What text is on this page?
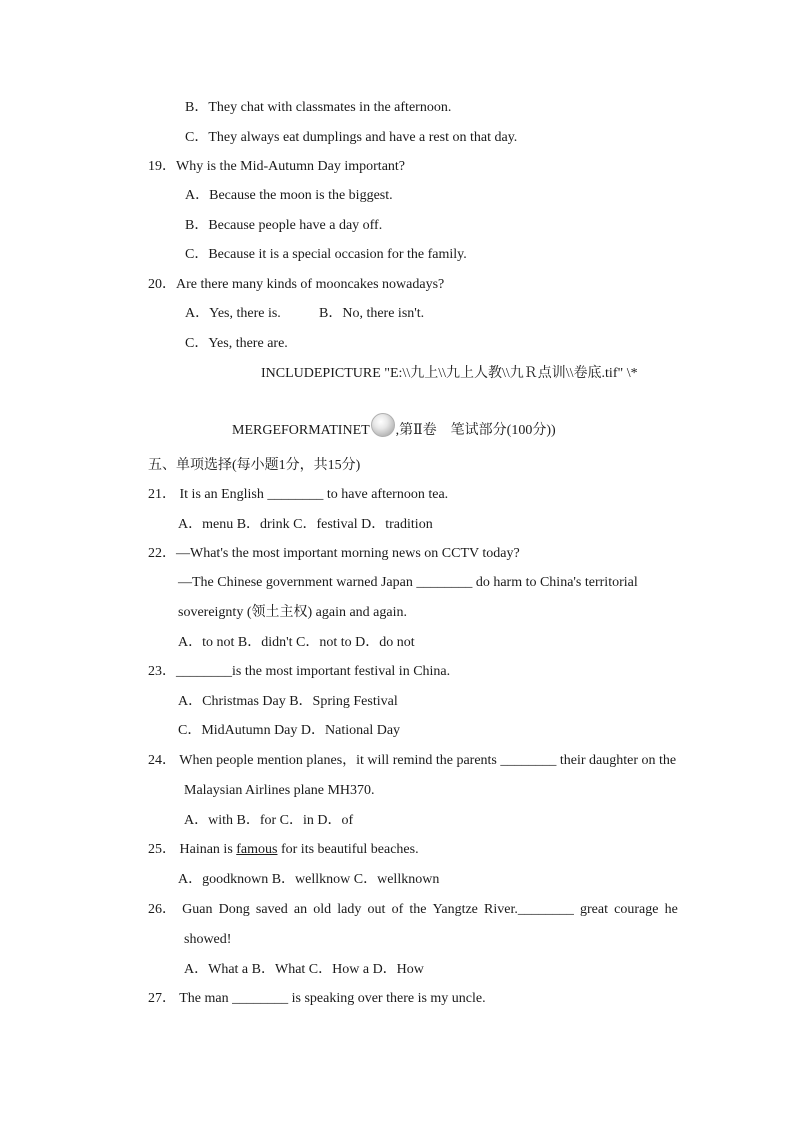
B．They chat with classmates in the afternoon.
C．They always eat dumplings and have a rest on that day.
19．Why is the Mid-Autumn Day important?
A．Because the moon is the biggest.
B．Because people have a day off.
C．Because it is a special occasion for the family.
20．Are there many kinds of mooncakes nowadays?
A．Yes, there is.	B．No, there isn't.
C．Yes, there are.
INCLUDEPICTURE "E:\\九上\\九上人教\\九Ｒ点训\\卷底.tif" \*
MERGEFORMATINET ,第Ⅱ卷　笔试部分(100分))
五、单项选择(每小题1分，共15分)
21． It is an English ________ to have afternoon tea.
A．menu B．drink C．festival D．tradition
22．—What's the most important morning news on CCTV today?
—The Chinese government warned Japan ________ do harm to China's territorial
sovereignty (领土主权) again and again.
A．to not B．didn't C．not to D．do not
23．________is the most important festival in China.
A．Christmas Day B．Spring Festival
C．MidAutumn Day D．National Day
24． When people mention planes，it will remind the parents ________ their daughter on the
Malaysian Airlines plane MH370.
A．with B．for C．in D．of
25． Hainan is famous for its beautiful beaches.
A．goodknown B．wellknow C．wellknown
26． Guan Dong saved an old lady out of the Yangtze River.________ great courage he
showed!
A．What a B．What C．How a D．How
27． The man ________ is speaking over there is my uncle.
